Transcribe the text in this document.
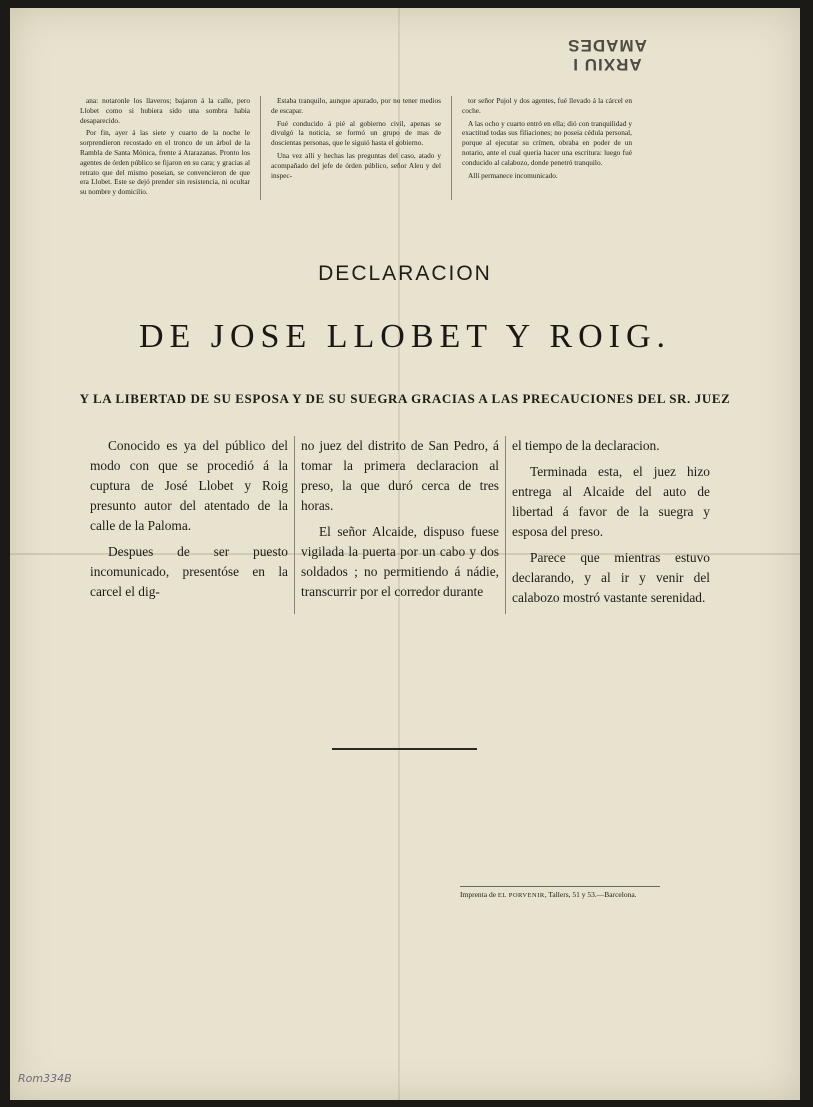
ARXIU I
AMADES

ana: notaronle los llaveros; bajaron á la calle, pero Llobet como si hubiera sido una sombra habia desaparecido.

Por fin, ayer á las siete y cuarto de la noche le sorprendieron recostado en el tronco de un árbol de la Rambla de Santa Mónica, frente á Atarazanas. Pronto los agentes de órden público se fijaron en su cara; y gracias al retrato que del mismo poseian, se convencieron de que era Llobet. Este se dejó prender sin resistencia, ni ocultar su nombre y domicilio.

Estaba tranquilo, aunque apurado, por no tener medios de escapar.

Fué conducido á pié al gobierno civil, apenas se divulgó la noticia, se formó un grupo de mas de doscientas personas, que le siguió hasta el gobierno.

Una vez allí y hechas las preguntas del caso, atado y acompañado del jefe de órden público, señor Aleu y del inspec-

tor señor Pujol y dos agentes, fué llevado á la cárcel en coche.

A las ocho y cuarto entró en ella; dió con tranquilidad y exactitud todas sus filiaciones; no poseia cédula personal, porque al ejecutar su crímen, obraba en poder de un notario, ante el cual queria hacer una escritura: luego fué conducido al calabozo, donde penetró tranquilo.

Allí permanece incomunicado.

DECLARACION
DE JOSE LLOBET Y ROIG.
Y LA LIBERTAD DE SU ESPOSA Y DE SU SUEGRA GRACIAS A LAS PRECAUCIONES DEL SR. JUEZ

Conocido es ya del público del modo con que se procedió á la cuptura de José Llobet y Roig presunto autor del atentado de la calle de la Paloma.

Despues de ser puesto incomunicado, presentóse en la carcel el dig-

no juez del distrito de San Pedro, á tomar la primera declaracion al preso, la que duró cerca de tres horas.

El señor Alcaide, dispuso fuese vigilada la puerta por un cabo y dos soldados ; no permitiendo á nádie, transcurrir por el corredor durante

el tiempo de la declaracion.

Terminada esta, el juez hizo entrega al Alcaide del auto de libertad á favor de la suegra y esposa del preso.

Parece que mientras estuvo declarando, y al ir y venir del calabozo mostró vastante serenidad.

Imprenta de EL PORVENIR, Tallers, 51 y 53.—Barcelona.
Rom334B
